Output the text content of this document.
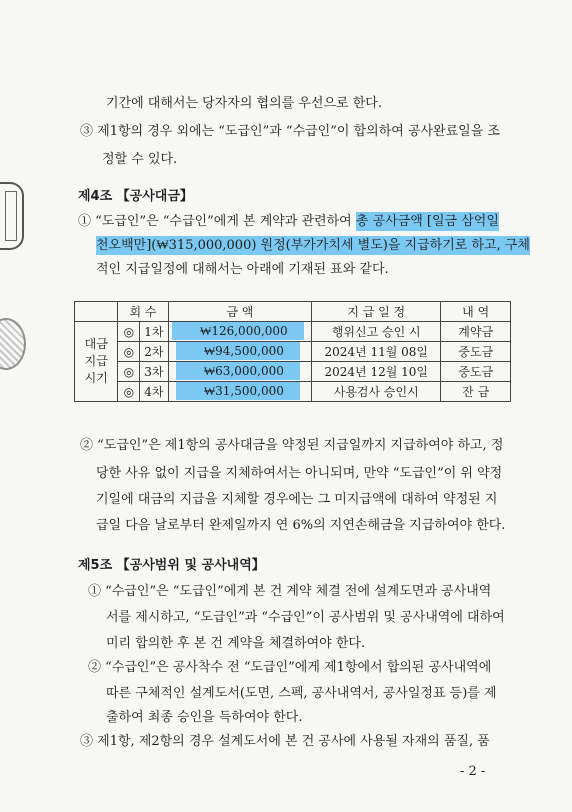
기간에 대해서는 당자자의 협의를 우선으로 한다.
③ 제1항의 경우 외에는 “도급인”과 “수급인”이 합의하여 공사완료일을 조
정할 수 있다.
제4조 【공사대금】
① “도급인”은 “수급인”에게 본 계약과 관련하여 총 공사금액 [일금 삼억일
천오백만](₩315,000,000) 원정(부가가치세 별도)을 지급하기로 하고, 구체
적인 지급일정에 대해서는 아래에 기재된 표와 같다.
	회 수		금 액	지 급 일 정	내 역

대금
지급
시기	◎	1차	₩126,000,000	행위신고 승인 시	계약금
	◎	2차	₩94,500,000	2024년 11월 08일	중도금
	◎	3차	₩63,000,000	2024년 12월 10일	중도금
	◎	4차	₩31,500,000	사용검사 승인시	잔 금
② “도급인”은 제1항의 공사대금을 약정된 지급일까지 지급하여야 하고, 정
당한 사유 없이 지급을 지체하여서는 아니되며, 만약 “도급인”이 위 약정
기일에 대금의 지급을 지체할 경우에는 그 미지급액에 대하여 약정된 지
급일 다음 날로부터 완제일까지 연 6%의 지연손해금을 지급하여야 한다.
제5조 【공사범위 및 공사내역】
① “수급인”은 “도급인”에게 본 건 계약 체결 전에 설계도면과 공사내역
서를 제시하고, “도급인”과 “수급인”이 공사범위 및 공사내역에 대하여
미리 합의한 후 본 건 계약을 체결하여야 한다.
② “수급인”은 공사착수 전 “도급인”에게 제1항에서 합의된 공사내역에
따른 구체적인 설계도서(도면, 스펙, 공사내역서, 공사일정표 등)를 제
출하여 최종 승인을 득하여야 한다.
③ 제1항, 제2항의 경우 설계도서에 본 건 공사에 사용될 자재의 품질, 품
- 2 -
